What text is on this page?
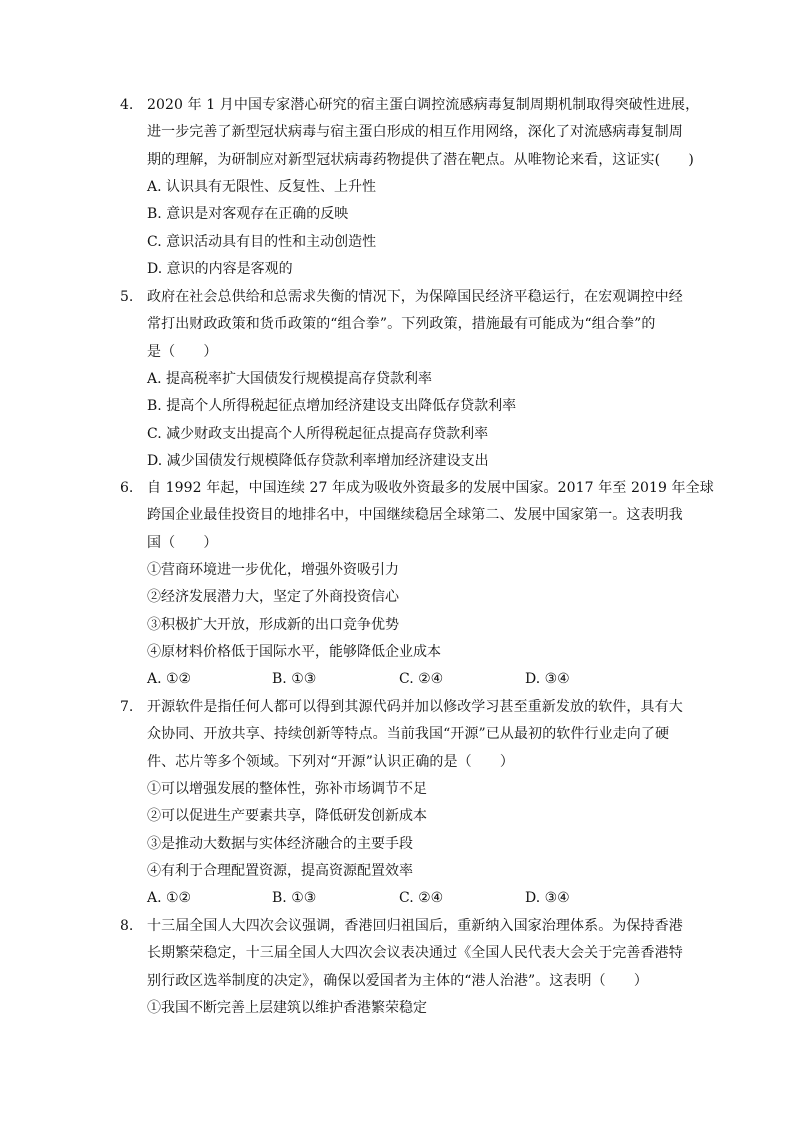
4. 2020 年 1 月中国专家潜心研究的宿主蛋白调控流感病毒复制周期机制取得突破性进展，
进一步完善了新型冠状病毒与宿主蛋白形成的相互作用网络，深化了对流感病毒复制周
期的理解，为研制应对新型冠状病毒药物提供了潜在靶点。从唯物论来看，这证实(　　)
A. 认识具有无限性、反复性、上升性
B. 意识是对客观存在正确的反映
C. 意识活动具有目的性和主动创造性
D. 意识的内容是客观的
5. 政府在社会总供给和总需求失衡的情况下，为保障国民经济平稳运行，在宏观调控中经
常打出财政政策和货币政策的“组合拳”。下列政策，措施最有可能成为“组合拳”的
是（　　）
A. 提高税率扩大国债发行规模提高存贷款利率
B. 提高个人所得税起征点增加经济建设支出降低存贷款利率
C. 减少财政支出提高个人所得税起征点提高存贷款利率
D. 减少国债发行规模降低存贷款利率增加经济建设支出
6. 自 1992 年起，中国连续 27 年成为吸收外资最多的发展中国家。2017 年至 2019 年全球
跨国企业最佳投资目的地排名中，中国继续稳居全球第二、发展中国家第一。这表明我
国（　　）
①营商环境进一步优化，增强外资吸引力
②经济发展潜力大，坚定了外商投资信心
③积极扩大开放，形成新的出口竞争优势
④原材料价格低于国际水平，能够降低企业成本
A. ①②	B. ①③	C. ②④	D. ③④
7. 开源软件是指任何人都可以得到其源代码并加以修改学习甚至重新发放的软件，具有大
众协同、开放共享、持续创新等特点。当前我国“开源”已从最初的软件行业走向了硬
件、芯片等多个领域。下列对“开源”认识正确的是（　　）
①可以增强发展的整体性，弥补市场调节不足
②可以促进生产要素共享，降低研发创新成本
③是推动大数据与实体经济融合的主要手段
④有利于合理配置资源，提高资源配置效率
A. ①②	B. ①③	C. ②④	D. ③④
8. 十三届全国人大四次会议强调，香港回归祖国后，重新纳入国家治理体系。为保持香港
长期繁荣稳定，十三届全国人大四次会议表决通过《全国人民代表大会关于完善香港特
别行政区选举制度的决定》，确保以爱国者为主体的“港人治港”。这表明（　　）
①我国不断完善上层建筑以维护香港繁荣稳定
